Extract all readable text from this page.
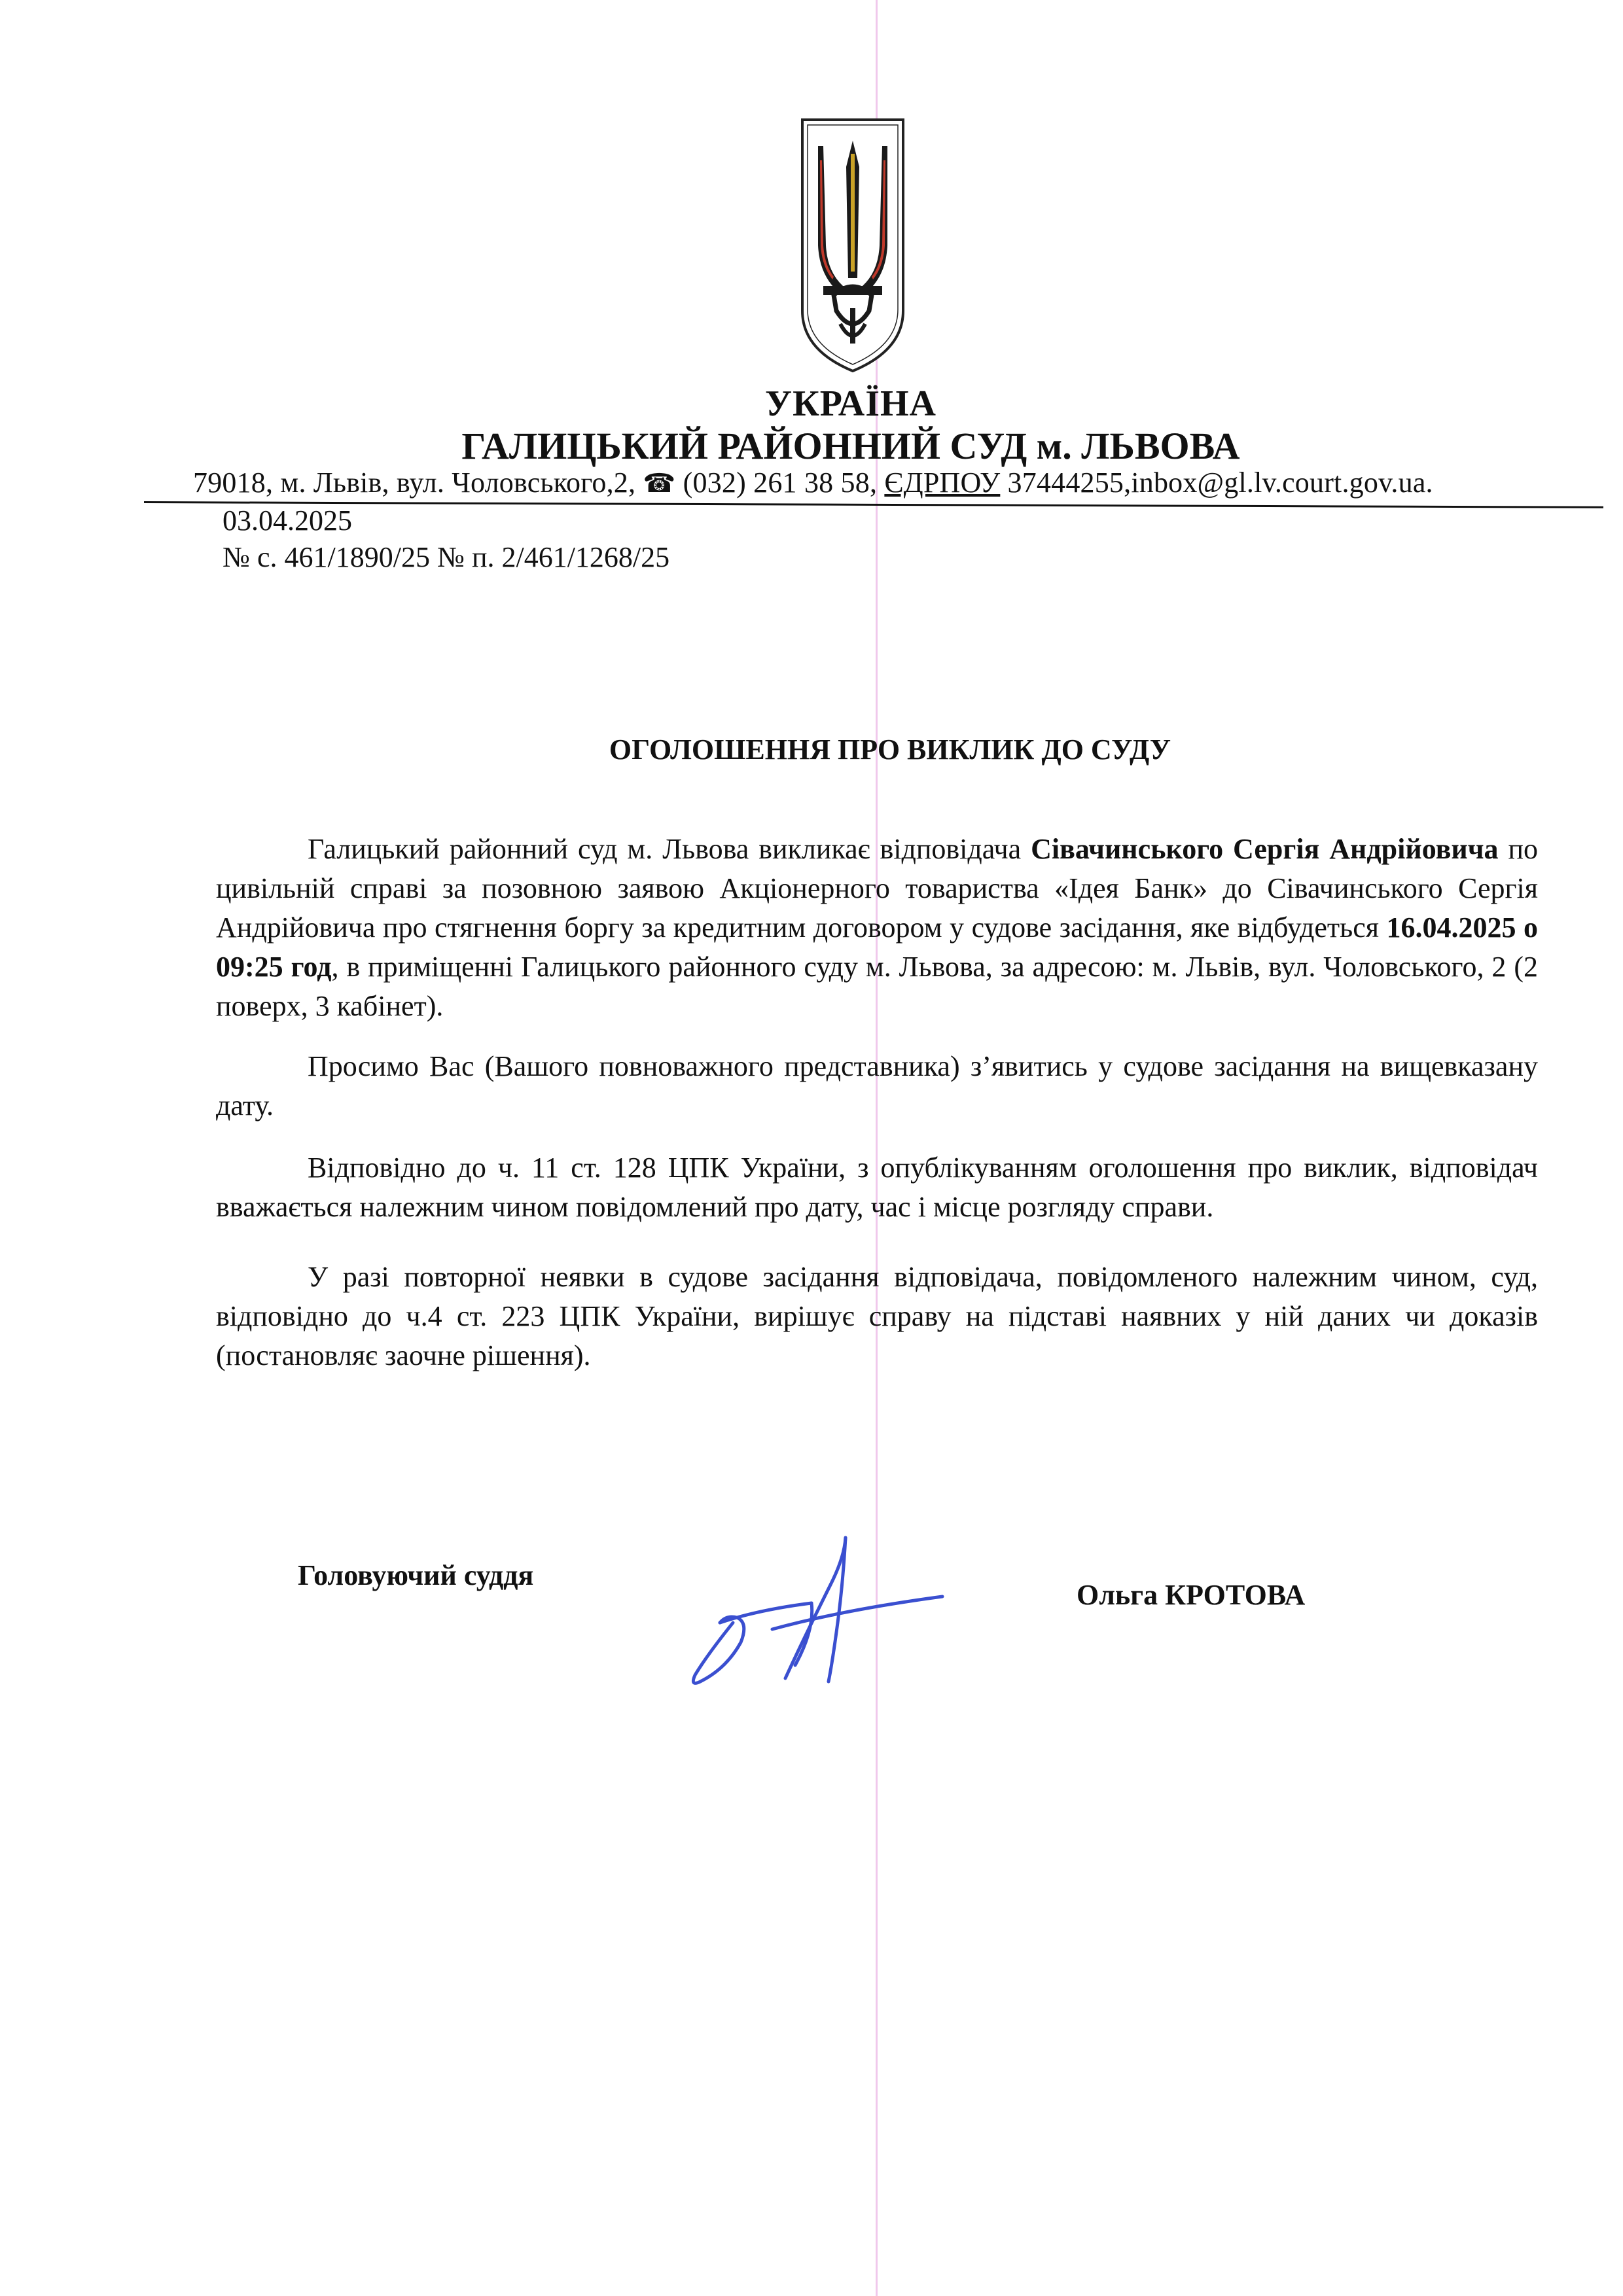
УКРАЇНА
ГАЛИЦЬКИЙ РАЙОННИЙ СУД м. ЛЬВОВА
79018, м. Львів, вул. Чоловського,2, ☎ (032) 261 38 58, ЄДРПОУ 37444255,inbox@gl.lv.court.gov.ua.
03.04.2025
№ с. 461/1890/25 № п. 2/461/1268/25
ОГОЛОШЕННЯ ПРО ВИКЛИК ДО СУДУ
Галицький районний суд м. Львова викликає відповідача Сівачинського Сергія Андрійовича по цивільній справі за позовною заявою Акціонерного товариства «Ідея Банк» до Сівачинського Сергія Андрійовича про стягнення боргу за кредитним договором у судове засідання, яке відбудеться 16.04.2025 о 09:25 год, в приміщенні Галицького районного суду м. Львова, за адресою: м. Львів, вул. Чоловського, 2 (2 поверх, 3 кабінет).
Просимо Вас (Вашого повноважного представника) з’явитись у судове засідання на вищевказану дату.
Відповідно до ч. 11 ст. 128 ЦПК України, з опублікуванням оголошення про виклик, відповідач вважається належним чином повідомлений про дату, час і місце розгляду справи.
У разі повторної неявки в судове засідання відповідача, повідомленого належним чином, суд, відповідно до ч.4 ст. 223 ЦПК України, вирішує справу на підставі наявних у ній даних чи доказів (постановляє заочне рішення).
Головуючий суддя
Ольга КРОТОВА
